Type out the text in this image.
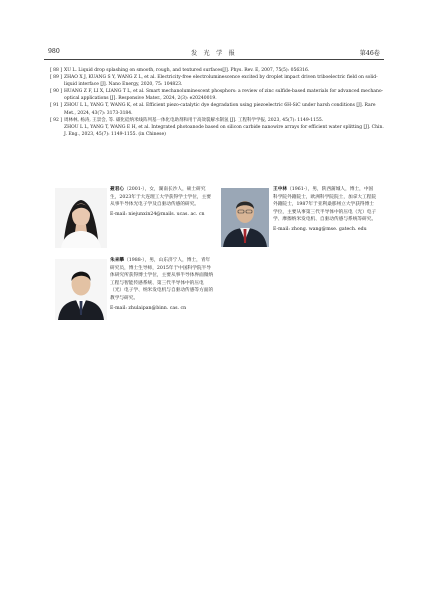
980	发 光 学 报	第46卷
[ 88 ] XU L. Liquid drop splashing on smooth, rough, and textured surfaces[J]. Phys. Rev. E, 2007, 75(5): 056316.
[ 89 ] ZHAO X J, KUANG S Y, WANG Z L, et al. Electricity-free electroluminescence excited by droplet impact driven triboelectric field on solid-liquid interface [J]. Nano Energy, 2020, 75: 104823.
[ 90 ] HUANG Z F, LI X, LIANG T L, et al. Smart mechanoluminescent phosphors: a review of zinc sulfide-based materials for advanced mechano-optical applications [J]. Responsive Mater., 2024, 2(3): e20240019.
[ 91 ] ZHOU L L, YANG T, WANG K, et al. Efficient piezo-catalytic dye degradation using piezoelectric 6H-SiC under harsh conditions [J]. Rare Met., 2024, 43(7): 3173-3184.
[ 92 ] 周林林, 杨涛, 王景会, 等. 碳化硅纳米线阵列基一体化电助剂和用于高效裂解水制氢 [J]. 工程科学学报, 2023, 45(7): 1149-1155.
ZHOU L L, YANG T, WANG E H, et al. Integrated photoanode based on silicon carbide nanowire arrays for efficient water splitting [J]. Chin. J. Eng., 2023, 45(7): 1149-1155. (in Chinese)
聂君心（2001-），女，湖南长沙人，硕士研究生，2023年于大连理工大学获得学士学位，主要从事半导体光电子学及自驱动传感的研究。
E-mail: niejunxin24@mails. ucas. ac. cn
王中林（1961-），男，陕西蒲城人，博士，中国科学院外籍院士，欧洲科学院院士，加拿大工程院外籍院士，1987年于亚利桑那州立大学获得博士学位，主要从事第三代半导体中的压电（光）电子学、摩擦纳米发电机、自驱动传感与系统等研究。
E-mail: zhong. wang@mse. gatech. edu
朱来攀（1988-），男，山东济宁人，博士，青年研究员，博士生导师，2015年于中国科学院半导体研究所获得博士学位，主要从事半导体界面微纳工程与智能传感系统、第三代半导体中的压电（光）电子学、纳米发电机与自驱动传感等方面的教学与研究。
E-mail: zhulaipan@binn. cas. cn
